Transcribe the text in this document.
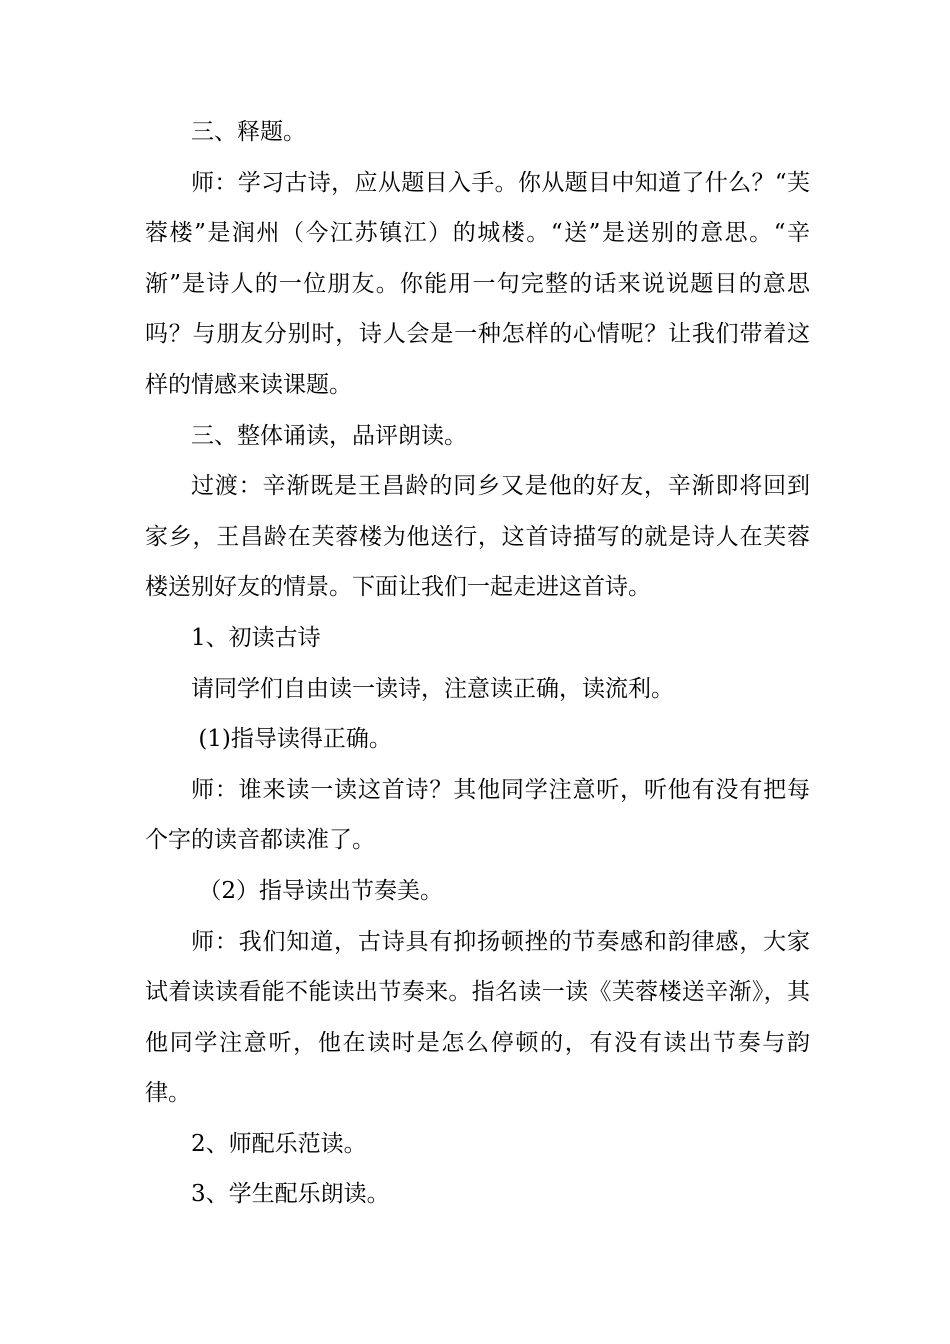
三、释题。

师：学习古诗，应从题目入手。你从题目中知道了什么？“芙蓉楼”是润州（今江苏镇江）的城楼。“送”是送别的意思。“辛渐”是诗人的一位朋友。你能用一句完整的话来说说题目的意思吗？与朋友分别时，诗人会是一种怎样的心情呢？让我们带着这样的情感来读课题。

三、整体诵读，品评朗读。

过渡：辛渐既是王昌龄的同乡又是他的好友，辛渐即将回到家乡，王昌龄在芙蓉楼为他送行，这首诗描写的就是诗人在芙蓉楼送别好友的情景。下面让我们一起走进这首诗。

1、初读古诗

请同学们自由读一读诗，注意读正确，读流利。

(1)指导读得正确。

师：谁来读一读这首诗？其他同学注意听，听他有没有把每个字的读音都读准了。

（2）指导读出节奏美。

师：我们知道，古诗具有抑扬顿挫的节奏感和韵律感，大家试着读读看能不能读出节奏来。指名读一读《芙蓉楼送辛渐》，其他同学注意听，他在读时是怎么停顿的，有没有读出节奏与韵律。

2、师配乐范读。

3、学生配乐朗读。
